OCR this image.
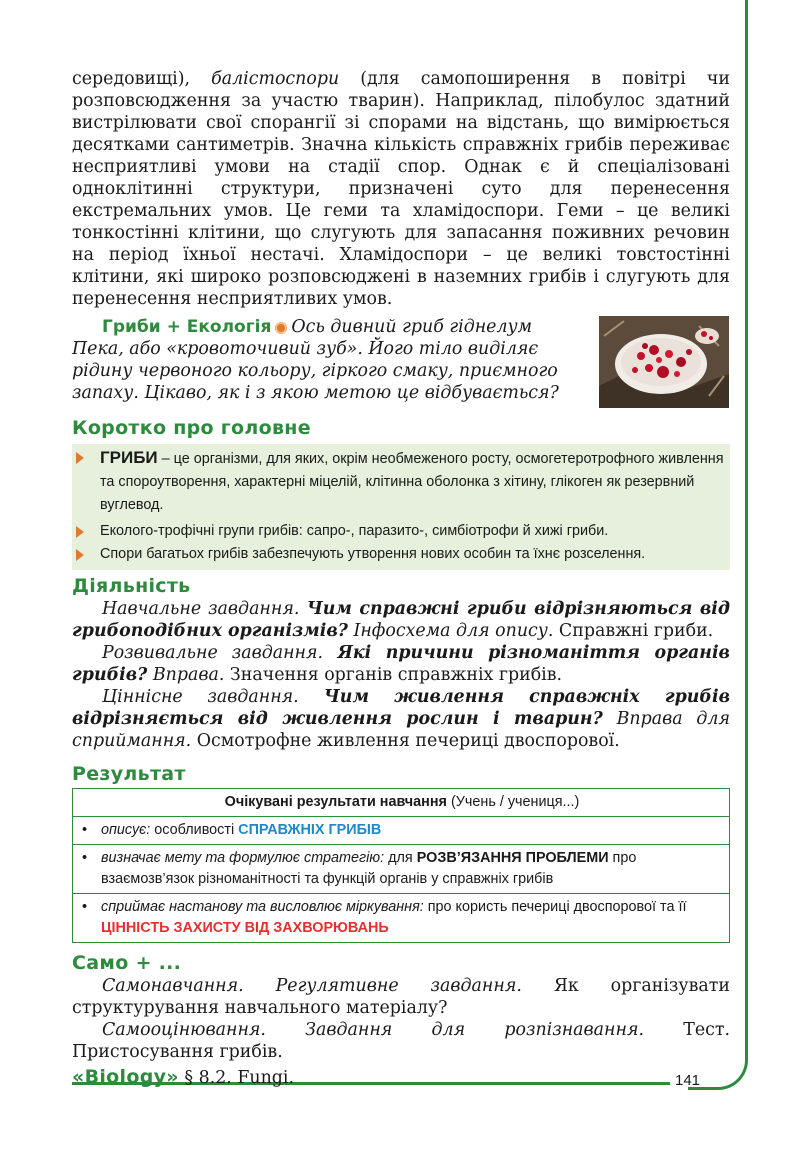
141

середовищі), балістоспори (для самопоширення в повітрі чи розповсюдження за участю тварин). Наприклад, пілобулос здатний вистрілювати свої спорангії зі спорами на відстань, що вимірюється десятками сантиметрів. Значна кількість справжніх грибів переживає несприятливі умови на стадії спор. Однак є й спеціалізовані одноклітинні структури, призначені суто для перенесення екстремальних умов. Це геми та хламідоспори. Геми – це великі тонкостінні клітини, що слугують для запасання поживних речовин на період їхньої нестачі. Хламідоспори – це великі товстостінні клітини, які широко розповсюджені в наземних грибів і слугують для перенесення несприятливих умов.

Гриби + Екологія Ось дивний гриб гіднелум Пека, або «кровоточивий зуб». Його тіло виділяє рідину червоного кольору, гіркого смаку, приємного запаху. Цікаво, як і з якою метою це відбувається?

Коротко про головне
ГРИБИ – це організми, для яких, окрім необмеженого росту, осмогетеротрофного живлення та спороутворення, характерні міцелій, клітинна оболонка з хітину, глікоген як резервний вуглевод.
Еколого-трофічні групи грибів: сапро-, паразито-, симбіотрофи й хижі гриби.
Спори багатьох грибів забезпечують утворення нових особин та їхнє розселення.
Діяльність

Навчальне завдання. Чим справжні гриби відрізняються від грибоподібних організмів? Інфосхема для опису. Справжні гриби.

Розвивальне завдання. Які причини різноманіття органів грибів? Вправа. Значення органів справжніх грибів.

Ціннісне завдання. Чим живлення справжніх грибів відрізняється від живлення рослин і тварин? Вправа для сприймання. Осмотрофне живлення печериці двоспорової.

Результат
Очікувані результати навчання (Учень / учениця...)

• описує: особливості СПРАВЖНІХ ГРИБІВ

• визначає мету та формулює стратегію: для РОЗВ’ЯЗАННЯ ПРОБЛЕМИ про взаємозв’язок різноманітності та функцій органів у справжніх грибів

• сприймає настанову та висловлює міркування: про користь печериці двоспорової та її ЦІННІСТЬ ЗАХИСТУ ВІД ЗАХВОРЮВАНЬ
Само + ...

Самонавчання. Регулятивне завдання. Як організувати структурування навчального матеріалу?

Самооцінювання. Завдання для розпізнавання. Тест. Пристосування грибів.

«Biology» § 8.2. Fungi.
